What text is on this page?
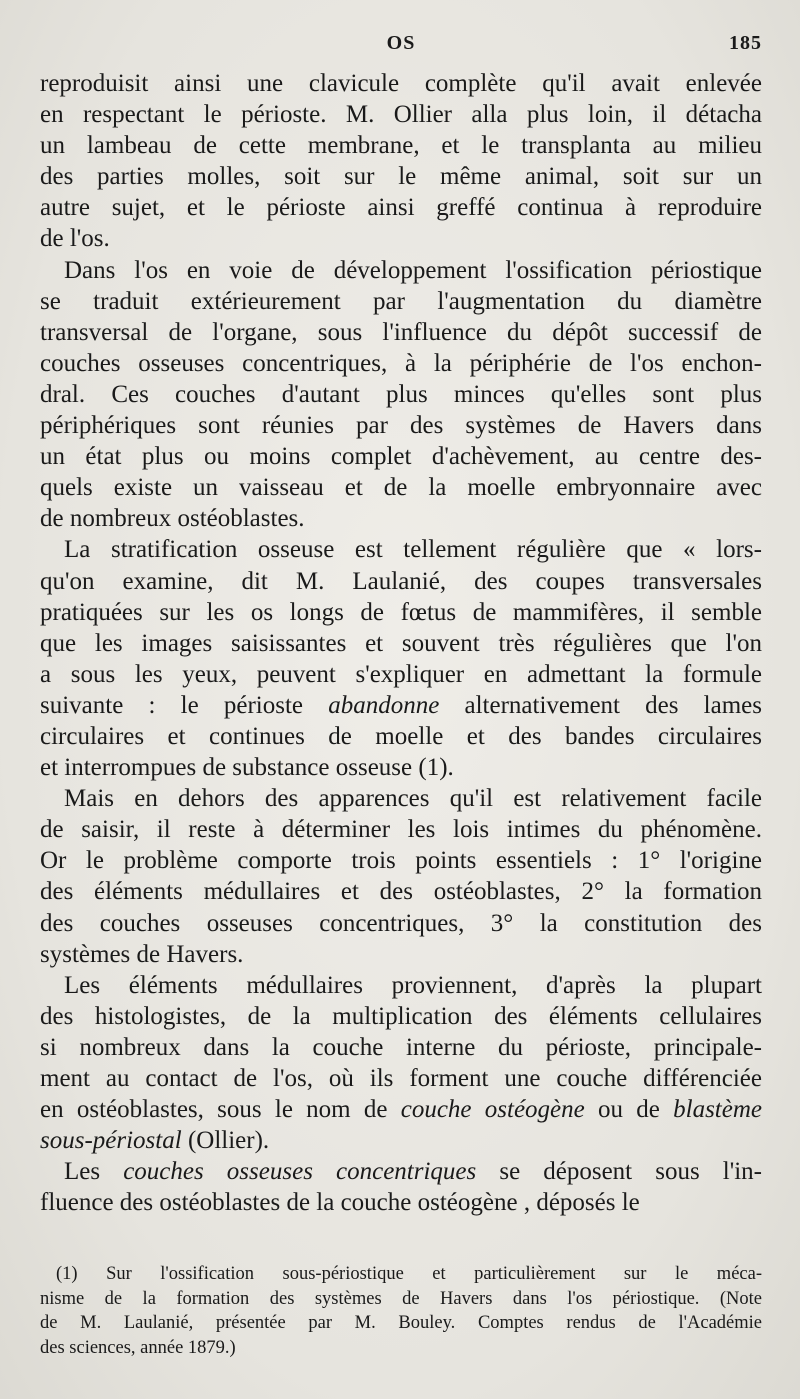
OS	185
reproduisit ainsi une clavicule complète qu'il avait enlevée
en respectant le périoste. M. Ollier alla plus loin, il détacha
un lambeau de cette membrane, et le transplanta au milieu
des parties molles, soit sur le même animal, soit sur un
autre sujet, et le périoste ainsi greffé continua à reproduire
de l'os.
Dans l'os en voie de développement l'ossification périostique
se traduit extérieurement par l'augmentation du diamètre
transversal de l'organe, sous l'influence du dépôt successif de
couches osseuses concentriques, à la périphérie de l'os enchon-
dral. Ces couches d'autant plus minces qu'elles sont plus
périphériques sont réunies par des systèmes de Havers dans
un état plus ou moins complet d'achèvement, au centre des-
quels existe un vaisseau et de la moelle embryonnaire avec
de nombreux ostéoblastes.
La stratification osseuse est tellement régulière que « lors-
qu'on examine, dit M. Laulanié, des coupes transversales
pratiquées sur les os longs de fœtus de mammifères, il semble
que les images saisissantes et souvent très régulières que l'on
a sous les yeux, peuvent s'expliquer en admettant la formule
suivante : le périoste abandonne alternativement des lames
circulaires et continues de moelle et des bandes circulaires
et interrompues de substance osseuse (1).
Mais en dehors des apparences qu'il est relativement facile
de saisir, il reste à déterminer les lois intimes du phénomène.
Or le problème comporte trois points essentiels : 1° l'origine
des éléments médullaires et des ostéoblastes, 2° la formation
des couches osseuses concentriques, 3° la constitution des
systèmes de Havers.
Les éléments médullaires proviennent, d'après la plupart
des histologistes, de la multiplication des éléments cellulaires
si nombreux dans la couche interne du périoste, principale-
ment au contact de l'os, où ils forment une couche différenciée
en ostéoblastes, sous le nom de couche ostéogène ou de blastème
sous-périostal (Ollier).
Les couches osseuses concentriques se déposent sous l'in-
fluence des ostéoblastes de la couche ostéogène , déposés le
(1) Sur l'ossification sous-périostique et particulièrement sur le méca-
nisme de la formation des systèmes de Havers dans l'os périostique. (Note
de M. Laulanié, présentée par M. Bouley. Comptes rendus de l'Académie
des sciences, année 1879.)
